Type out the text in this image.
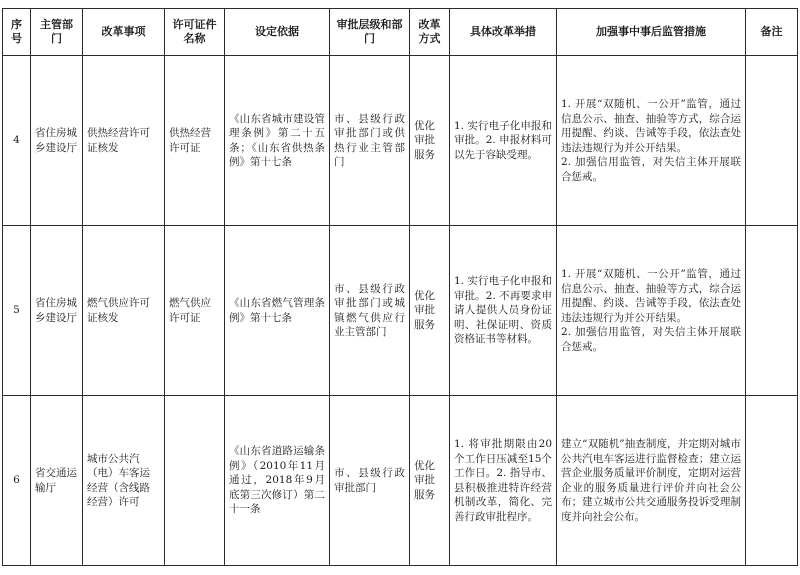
序号	主管部门	改革事项	许可证件名称	设定依据	审批层级和部门	改革方式	具体改革举措	加强事中事后监管措施	备注
4	省住房城乡建设厅	供热经营许可证核发	供热经营许可证	《山东省城市建设管理条例》第二十五条；《山东省供热条例》第十七条	市、县级行政审批部门或供热行业主管部门	优化审批服务	1. 实行电子化申报和审批。2. 申报材料可以先于容缺受理。	1. 开展“双随机、一公开”监管，通过信息公示、抽查、抽验等方式，综合运用提醒、约谈、告诫等手段，依法查处违法违规行为并公开结果。
2. 加强信用监管，对失信主体开展联合惩戒。	
5	省住房城乡建设厅	燃气供应许可证核发	燃气供应许可证	《山东省燃气管理条例》第十七条	市、县级行政审批部门或城镇燃气供应行业主管部门	优化审批服务	1. 实行电子化申报和审批。2. 不再要求申请人提供人员身份证明、社保证明、资质资格证书等材料。	1. 开展“双随机、一公开”监管，通过信息公示、抽查、抽验等方式，综合运用提醒、约谈、告诫等手段，依法查处违法违规行为并公开结果。
2. 加强信用监管，对失信主体开展联合惩戒。	
6	省交通运输厅	城市公共汽（电）车客运经营（含线路经营）许可		《山东省道路运输条例》（2010年11月通过，2018年9月底第三次修订）第二十一条	市、县级行政审批部门	优化审批服务	1. 将审批期限由20个工作日压减至15个工作日。2. 指导市、县积极推进特许经营机制改革，简化、完善行政审批程序。	建立“双随机”抽查制度，并定期对城市公共汽电车客运进行监督检查；建立运营企业服务质量评价制度，定期对运营企业的服务质量进行评价并向社会公布；建立城市公共交通服务投诉受理制度并向社会公布。	
